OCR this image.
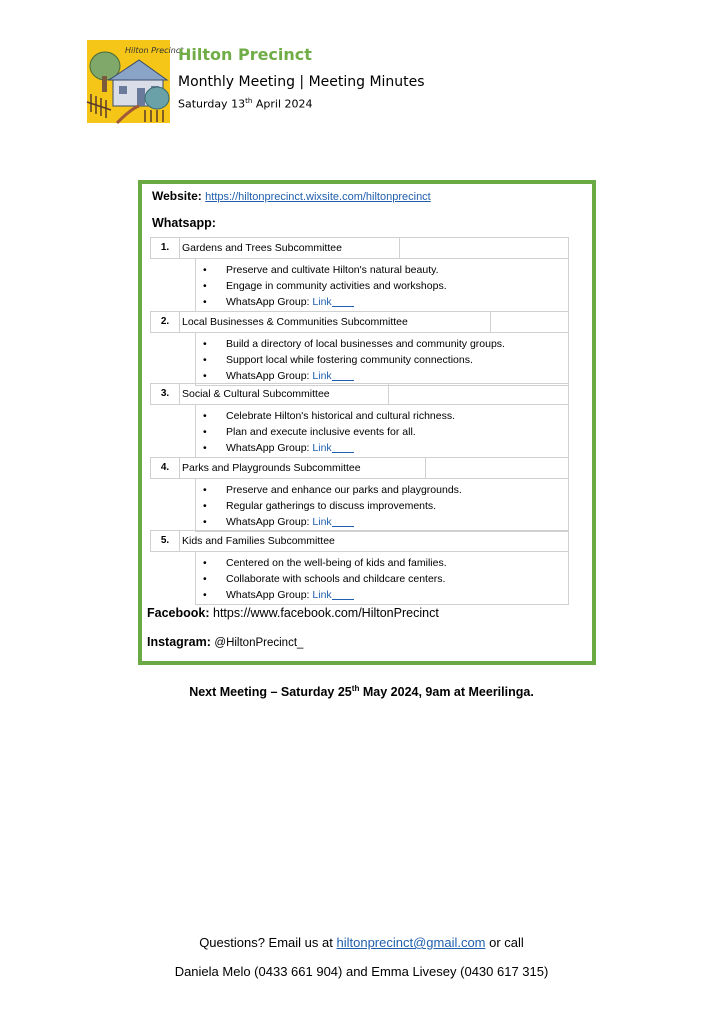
Hilton Precinct
Hilton Precinct
Monthly Meeting | Meeting Minutes
Saturday 13th April 2024
Website: https://hiltonprecinct.wixsite.com/hiltonprecinct
Whatsapp:
1.	Gardens and Trees Subcommittee
• Preserve and cultivate Hilton's natural beauty.
• Engage in community activities and workshops.
• WhatsApp Group: Link
2.	Local Businesses & Communities Subcommittee
• Build a directory of local businesses and community groups.
• Support local while fostering community connections.
• WhatsApp Group: Link
3.	Social & Cultural Subcommittee
• Celebrate Hilton's historical and cultural richness.
• Plan and execute inclusive events for all.
• WhatsApp Group: Link
4.	Parks and Playgrounds Subcommittee
• Preserve and enhance our parks and playgrounds.
• Regular gatherings to discuss improvements.
• WhatsApp Group: Link
5.	Kids and Families Subcommittee
• Centered on the well-being of kids and families.
• Collaborate with schools and childcare centers.
• WhatsApp Group: Link
Facebook: https://www.facebook.com/HiltonPrecinct
Instagram: @HiltonPrecinct_
Next Meeting – Saturday 25th May 2024, 9am at Meerilinga.
Questions? Email us at hiltonprecinct@gmail.com or call
Daniela Melo (0433 661 904) and Emma Livesey (0430 617 315)
